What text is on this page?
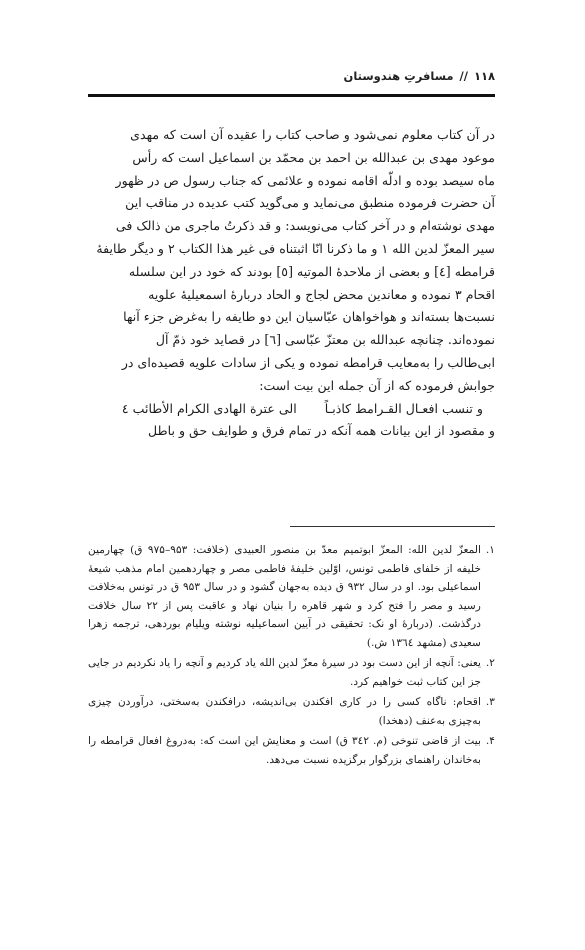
۱۱۸
//
مسافرتِ هندوستان

در آن کتاب معلوم نمی‌شود و صاحب کتاب را عقیده آن است که مهدی

موعود مهدی بن عبدالله بن احمد بن محمّد بن اسماعیل است که رأس

ماه سیصد بوده و ادلّه اقامه نموده و علائمی که جناب رسول ص در ظهور

آن حضرت فرموده منطبق می‌نماید و می‌گوید کتب عدیده در مناقب این

مهدی نوشته‌ام و در آخر کتاب می‌نویسد: و قد ذکرتُ ماجری من ذالک فی

سیر المعزّ لدین الله ۱ و ما ذکرنا انّا اثبتناه فی غیر هذا الکتاب ۲ و دیگر طایفهٔ

قرامطه [٤] و بعضی از ملاحدهٔ الموتیه [٥] بودند که خود در این سلسله

اقحام ۳ نموده و معاندین محض لجاج و الحاد دربارهٔ اسمعیلیهٔ علویه

نسبت‌ها بسته‌اند و هواخواهان عبّاسیان این دو طایفه را به‌غرض جزء آنها

نموده‌اند. چنانچه عبدالله بن معتزّ عبّاسی [٦] در قصاید خود ذمّ آل

ابی‌طالب را به‌معایب قرامطه نموده و یکی از سادات علویه قصیده‌ای در

جوابش فرموده که از آن جمله این بیت است:

و تنسب افعـال القـرامط کاذبـاً
الی عترة الهادی الکرام الأطائب ٤

و مقصود از این بیانات همه آنکه در تمام فرق و طوایف حق و باطل

۱.
المعزّ لدین الله: المعزّ ابوتمیم معدّ بن منصور العبیدی (خلافت: ۹۵۳–۹۷۵ ق) چهارمین خلیفه از خلفای فاطمی تونس، اوّلین خلیفهٔ فاطمی مصر و چهاردهمین امام مذهب شیعهٔ اسماعیلی بود. او در سال ۹۳۲ ق دیده به‌جهان گشود و در سال ۹۵۳ ق در تونس به‌خلافت رسید و مصر را فتح کرد و شهر قاهره را بنیان نهاد و عاقبت پس از ۲۲ سال خلافت درگذشت. (دربارهٔ او نک: تحقیقی در آیین اسماعیلیه نوشته ویلیام بوردهی، ترجمه زهرا سعیدی (مشهد ١٣٦٤ ش.)
۲.
یعنی: آنچه از این دست بود در سیرهٔ معزّ لدین الله یاد کردیم و آنچه را یاد نکردیم در جایی جز این کتاب ثبت خواهیم کرد.
۳.
اقحام: ناگاه کسی را در کاری افکندن بی‌اندیشه، درافکندن به‌سختی، درآوردن چیزی به‌چیزی به‌عنف (دهخدا)
۴.
بیت از قاضی تنوخی (م. ٣٤٢ ق) است و معنایش این است که: به‌دروغ افعال قرامطه را به‌خاندان راهنمای بزرگوار برگزیده نسبت می‌دهد.
